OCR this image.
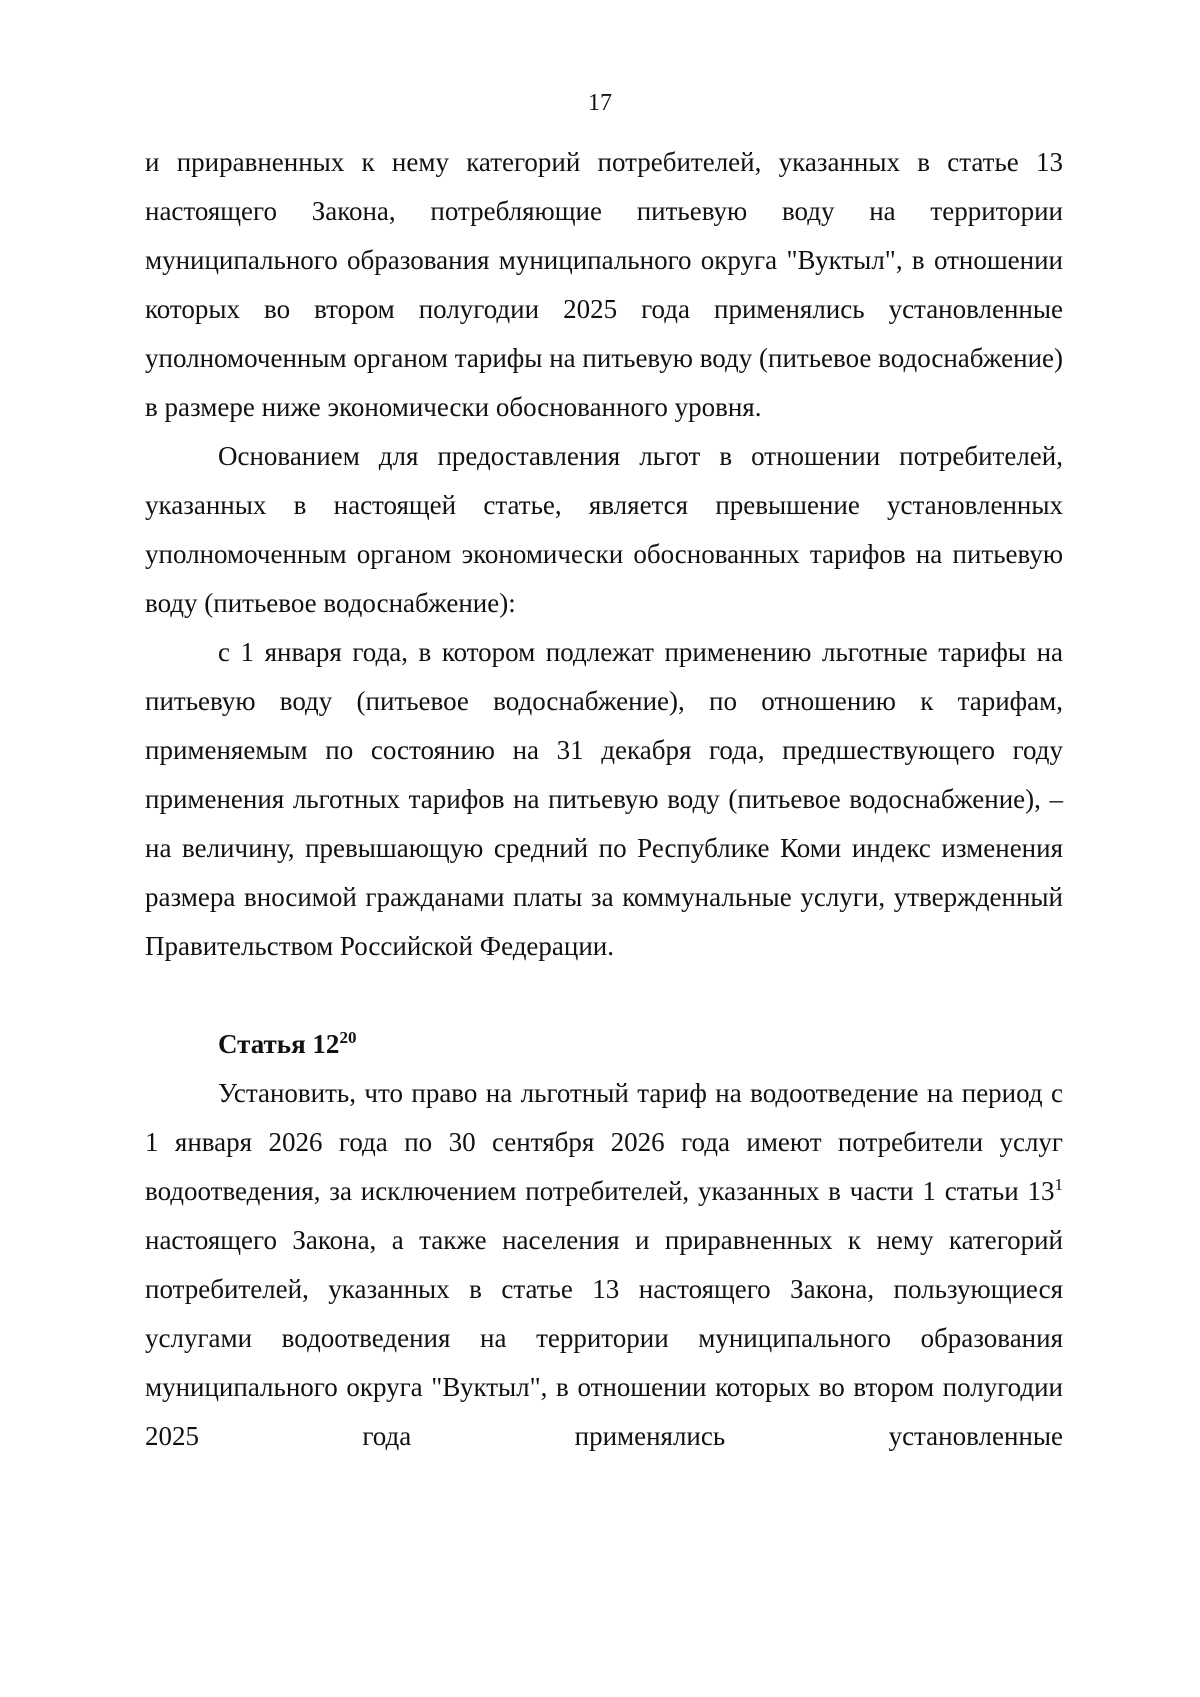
17

и приравненных к нему категорий потребителей, указанных в статье 13 настоящего Закона, потребляющие питьевую воду на территории муниципального образования муниципального округа "Вуктыл", в отношении которых во втором полугодии 2025 года применялись установленные уполномоченным органом тарифы на питьевую воду (питьевое водоснабжение) в размере ниже экономически обоснованного уровня.

Основанием для предоставления льгот в отношении потребителей, указанных в настоящей статье, является превышение установленных уполномоченным органом экономически обоснованных тарифов на питьевую воду (питьевое водоснабжение):

с 1 января года, в котором подлежат применению льготные тарифы на питьевую воду (питьевое водоснабжение), по отношению к тарифам, применяемым по состоянию на 31 декабря года, предшествующего году применения льготных тарифов на питьевую воду (питьевое водоснабжение), – на величину, превышающую средний по Республике Коми индекс изменения размера вносимой гражданами платы за коммунальные услуги, утвержденный Правительством Российской Федерации.

Статья $12^{20}$

Установить, что право на льготный тариф на водоотведение на период с 1 января 2026 года по 30 сентября 2026 года имеют потребители услуг водоотведения, за исключением потребителей, указанных в части 1 статьи $13^1$ настоящего Закона, а также населения и приравненных к нему категорий потребителей, указанных в статье 13 настоящего Закона, пользующиеся услугами водоотведения на территории муниципального образования муниципального округа "Вуктыл", в отношении которых во втором полугодии 2025 года применялись установленные
